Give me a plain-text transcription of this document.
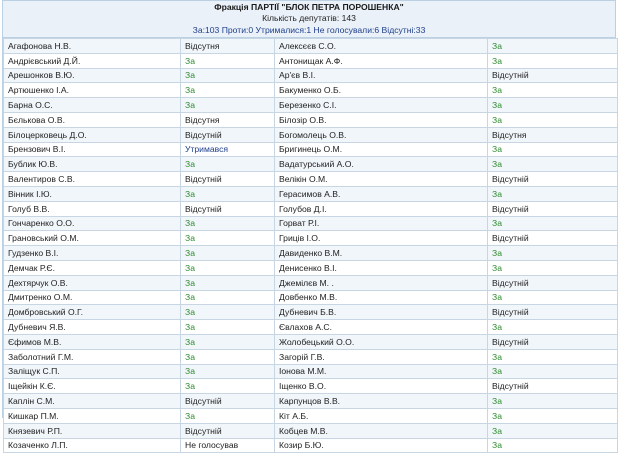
Фракція ПАРТІЇ "БЛОК ПЕТРА ПОРОШЕНКА"
Кількість депутатів: 143
За:103 Проти:0 Утрималися:1 Не голосували:6 Відсутні:33
Агафонова Н.В.	Відсутня	Алексєєв С.О.	За
Андрієвський Д.Й.	За	Антонищак А.Ф.	За
Арешонков В.Ю.	За	Ар'єв В.І.	Відсутній
Артюшенко І.А.	За	Бакуменко О.Б.	За
Барна О.С.	За	Березенко С.І.	За
Бєлькова О.В.	Відсутня	Білозір О.В.	За
Білоцерковець Д.О.	Відсутній	Богомолець О.В.	Відсутня
Брензович В.І.	Утримався	Бригинець О.М.	За
Бублик Ю.В.	За	Вадатурський А.О.	За
Валентиров С.В.	Відсутній	Велікін О.М.	Відсутній
Вінник І.Ю.	За	Герасимов А.В.	За
Голуб В.В.	Відсутній	Голубов Д.І.	Відсутній
Гончаренко О.О.	За	Горват Р.І.	За
Грановський О.М.	За	Гриців І.О.	Відсутній
Гудзенко В.І.	За	Давиденко В.М.	За
Демчак Р.Є.	За	Денисенко В.І.	За
Дехтярчук О.В.	За	Джемілєв М. .	Відсутній
Дмитренко О.М.	За	Довбенко М.В.	За
Домбровський О.Г.	За	Дубневич Б.В.	Відсутній
Дубневич Я.В.	За	Євлахов А.С.	За
Єфимов М.В.	За	Жолобецький О.О.	Відсутній
Заболотний Г.М.	За	Загорій Г.В.	За
Заліщук С.П.	За	Іонова М.М.	За
Іщейкін К.Є.	За	Іщенко В.О.	Відсутній
Каплін С.М.	Відсутній	Карпунцов В.В.	За
Кишкар П.М.	За	Кіт А.Б.	За
Князевич Р.П.	Відсутній	Кобцев М.В.	За
Козаченко Л.П.	Не голосував	Козир Б.Ю.	За
